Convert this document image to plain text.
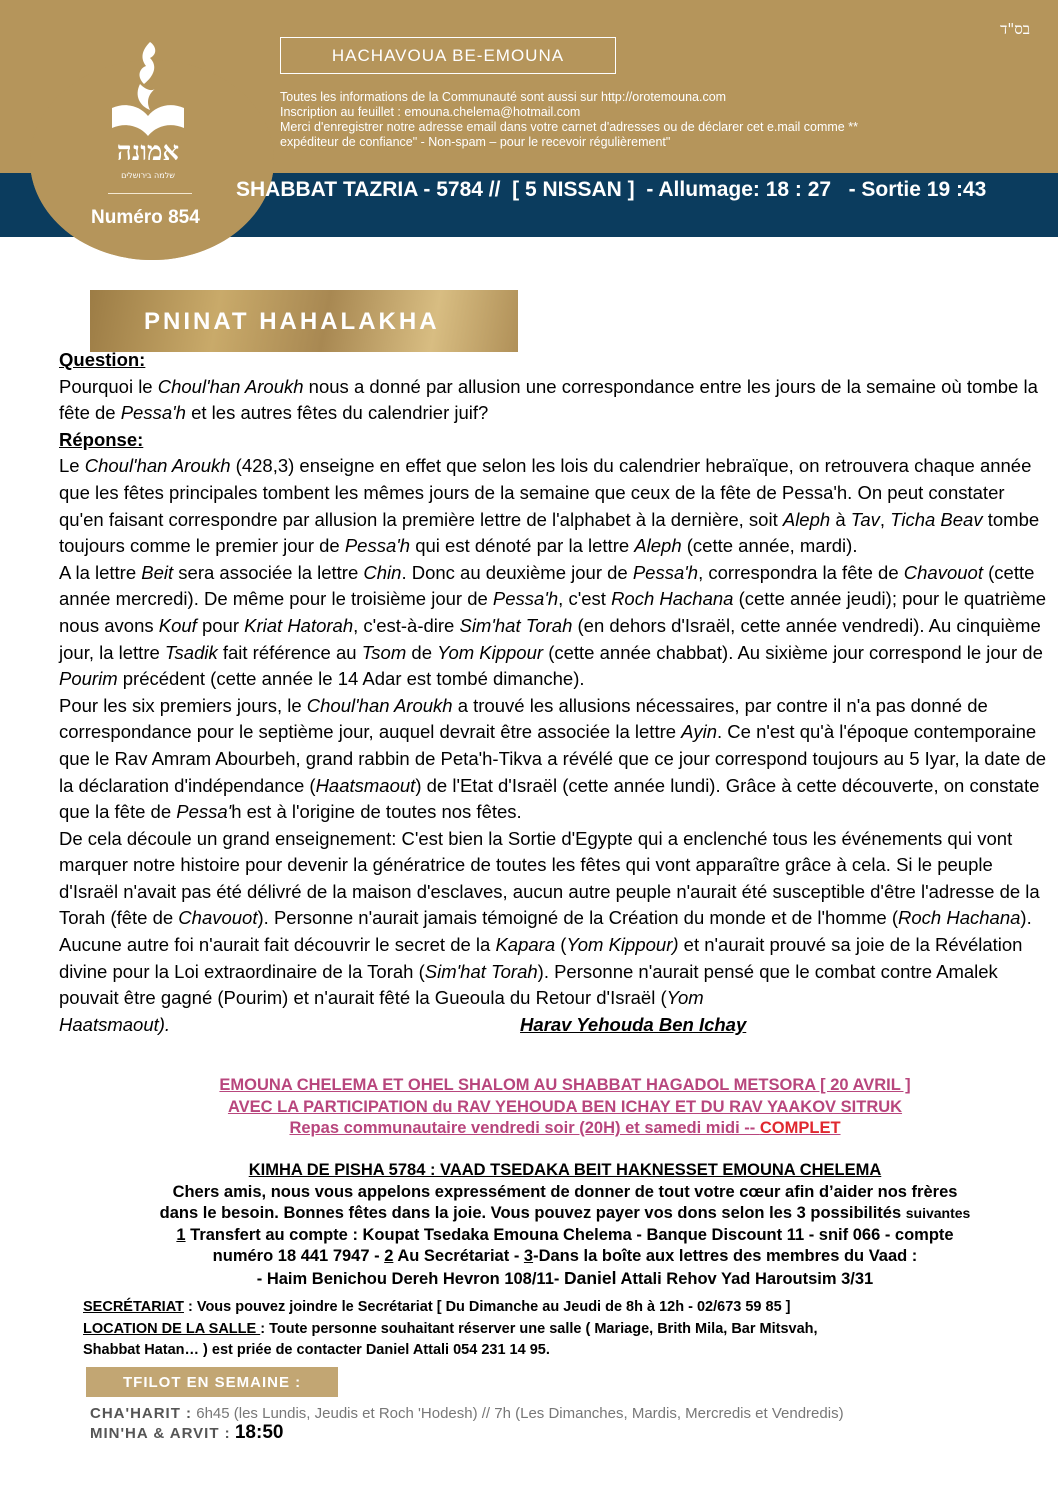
אמונה
שלמה בירושלים
בס"ד
HACHAVOUA BE-EMOUNA
Toutes les informations de la Communauté sont aussi sur http://orotemouna.com
Inscription au feuillet : emouna.chelema@hotmail.com
Merci d'enregistrer notre adresse email dans votre carnet d'adresses ou de déclarer cet e.mail comme **
expéditeur de confiance" - Non-spam – pour le recevoir régulièrement"
SHABBAT TAZRIA - 5784 //  [ 5 NISSAN ]  - Allumage: 18 : 27   - Sortie 19 :43
Numéro 854
PNINAT HAHALAKHA

Question:

Pourquoi le Choul'han Aroukh nous a donné par allusion une correspondance entre les jours de la semaine où tombe la fête de Pessa'h et les autres fêtes du calendrier juif?

Réponse:

Le Choul'han Aroukh (428,3) enseigne en effet que selon les lois du calendrier hebraïque, on retrouvera chaque année que les fêtes principales tombent les mêmes jours de la semaine que ceux de la fête de Pessa'h. On peut constater qu'en faisant correspondre par allusion la première lettre de l'alphabet à la dernière, soit Aleph à Tav, Ticha Beav tombe toujours comme le premier jour de Pessa'h qui est dénoté par la lettre Aleph (cette année, mardi).

A la lettre Beit sera associée la lettre Chin. Donc au deuxième jour de Pessa'h, correspondra la fête de Chavouot (cette année mercredi). De même pour le troisième jour de Pessa'h, c'est Roch Hachana (cette année jeudi); pour le quatrième nous avons Kouf pour Kriat Hatorah, c'est-à-dire Sim'hat Torah (en dehors d'Israël, cette année vendredi). Au cinquième jour, la lettre Tsadik fait référence au Tsom de Yom Kippour (cette année chabbat). Au sixième jour correspond le jour de Pourim précédent (cette année le 14 Adar est tombé dimanche).

Pour les six premiers jours, le Choul'han Aroukh a trouvé les allusions nécessaires, par contre il n'a pas donné de correspondance pour le septième jour, auquel devrait être associée la lettre Ayin. Ce n'est qu'à l'époque contemporaine que le Rav Amram Abourbeh, grand rabbin de Peta'h-Tikva a révélé que ce jour correspond toujours au 5 Iyar, la date de la déclaration d'indépendance (Haatsmaout) de l'Etat d'Israël (cette année lundi). Grâce à cette découverte, on constate que la fête de Pessa'h est à l'origine de toutes nos fêtes.

De cela découle un grand enseignement: C'est bien la Sortie d'Egypte qui a enclenché tous les événements qui vont marquer notre histoire pour devenir la génératrice de toutes les fêtes qui vont apparaître grâce à cela. Si le peuple d'Israël n'avait pas été délivré de la maison d'esclaves, aucun autre peuple n'aurait été susceptible d'être l'adresse de la Torah (fête de Chavouot). Personne n'aurait jamais témoigné de la Création du monde et de l'homme (Roch Hachana). Aucune autre foi n'aurait fait découvrir le secret de la Kapara (Yom Kippour) et n'aurait prouvé sa joie de la Révélation divine pour la Loi extraordinaire de la Torah (Sim'hat Torah). Personne n'aurait pensé que le combat contre Amalek pouvait être gagné (Pourim) et n'aurait fêté la Gueoula du Retour d'Israël (Yom Haatsmaout).	Harav Yehouda Ben Ichay

EMOUNA CHELEMA ET OHEL SHALOM AU SHABBAT HAGADOL METSORA [ 20 AVRIL ]
AVEC LA PARTICIPATION du RAV YEHOUDA BEN ICHAY ET DU RAV YAAKOV SITRUK
Repas communautaire vendredi soir (20H) et samedi midi -- COMPLET
KIMHA DE PISHA 5784 : VAAD TSEDAKA BEIT HAKNESSET EMOUNA CHELEMA
Chers amis, nous vous appelons expressément de donner de tout votre cœur afin d’aider nos frères
dans le besoin. Bonnes fêtes dans la joie. Vous pouvez payer vos dons selon les 3 possibilités suivantes
1 Transfert au compte : Koupat Tsedaka Emouna Chelema - Banque Discount 11 - snif 066 - compte
numéro 18 441 7947 - 2 Au Secrétariat - 3-Dans la boîte aux lettres des membres du Vaad :
- Haim Benichou Dereh Hevron 108/11- Daniel Attali Rehov Yad Haroutsim 3/31
SECRÉTARIAT : Vous pouvez joindre le Secrétariat [ Du Dimanche au Jeudi de 8h à 12h - 02/673 59 85 ]
LOCATION DE LA SALLE : Toute personne souhaitant réserver une salle ( Mariage, Brith Mila, Bar Mitsvah,
Shabbat Hatan… ) est priée de contacter Daniel Attali 054 231 14 95.
TFILOT EN SEMAINE :
CHA'HARIT : 6h45 (les Lundis, Jeudis et Roch 'Hodesh) // 7h (Les Dimanches, Mardis, Mercredis et Vendredis)
MIN'HA & ARVIT : 18:50
